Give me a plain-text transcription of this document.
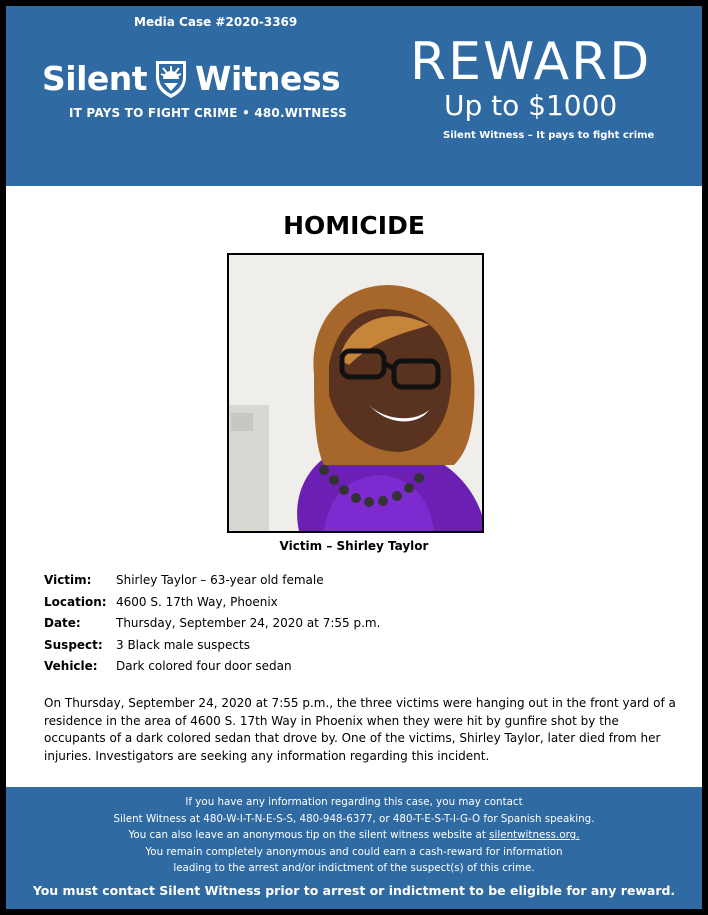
Media Case #2020-3369
Silent Witness
IT PAYS TO FIGHT CRIME • 480.WITNESS
REWARD
Up to $1000
Silent Witness – It pays to fight crime
HOMICIDE
Victim – Shirley Taylor
Victim:	Shirley Taylor – 63-year old female
Location: 4600 S. 17th Way, Phoenix
Date:	Thursday, September 24, 2020 at 7:55 p.m.
Suspect:	3 Black male suspects
Vehicle:	Dark colored four door sedan
On Thursday, September 24, 2020 at 7:55 p.m., the three victims were hanging out in the front yard of a residence in the area of 4600 S. 17th Way in Phoenix when they were hit by gunfire shot by the occupants of a dark colored sedan that drove by. One of the victims, Shirley Taylor, later died from her injuries. Investigators are seeking any information regarding this incident.
If you have any information regarding this case, you may contact
Silent Witness at 480-W-I-T-N-E-S-S, 480-948-6377, or 480-T-E-S-T-I-G-O for Spanish speaking.
You can also leave an anonymous tip on the silent witness website at silentwitness.org.
You remain completely anonymous and could earn a cash-reward for information
leading to the arrest and/or indictment of the suspect(s) of this crime.
You must contact Silent Witness prior to arrest or indictment to be eligible for any reward.
